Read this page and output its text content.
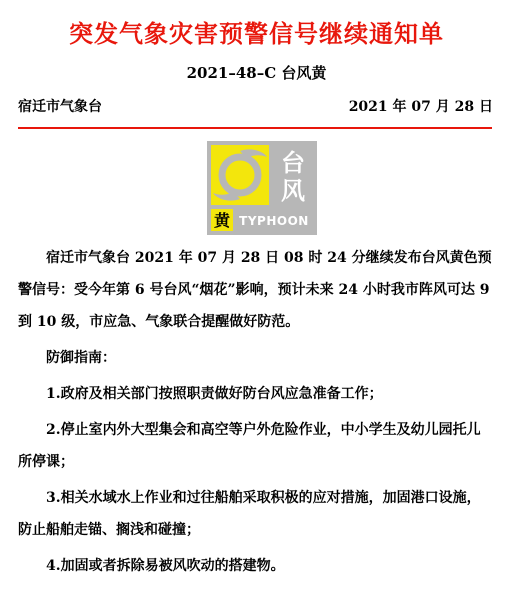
突发气象灾害预警信号继续通知单
2021–48–C 台风黄
宿迁市气象台	2021 年 07 月 28 日
台
风
黄 TYPHOON

宿迁市气象台 2021 年 07 月 28 日 08 时 24 分继续发布台风黄色预警信号：受今年第 6 号台风“烟花”影响，预计未来 24 小时我市阵风可达 9 到 10 级，市应急、气象联合提醒做好防范。

防御指南：

1.政府及相关部门按照职责做好防台风应急准备工作；

2.停止室内外大型集会和高空等户外危险作业，中小学生及幼儿园托儿所停课；

3.相关水域水上作业和过往船舶采取积极的应对措施，加固港口设施，防止船舶走锚、搁浅和碰撞；

4.加固或者拆除易被风吹动的搭建物。
